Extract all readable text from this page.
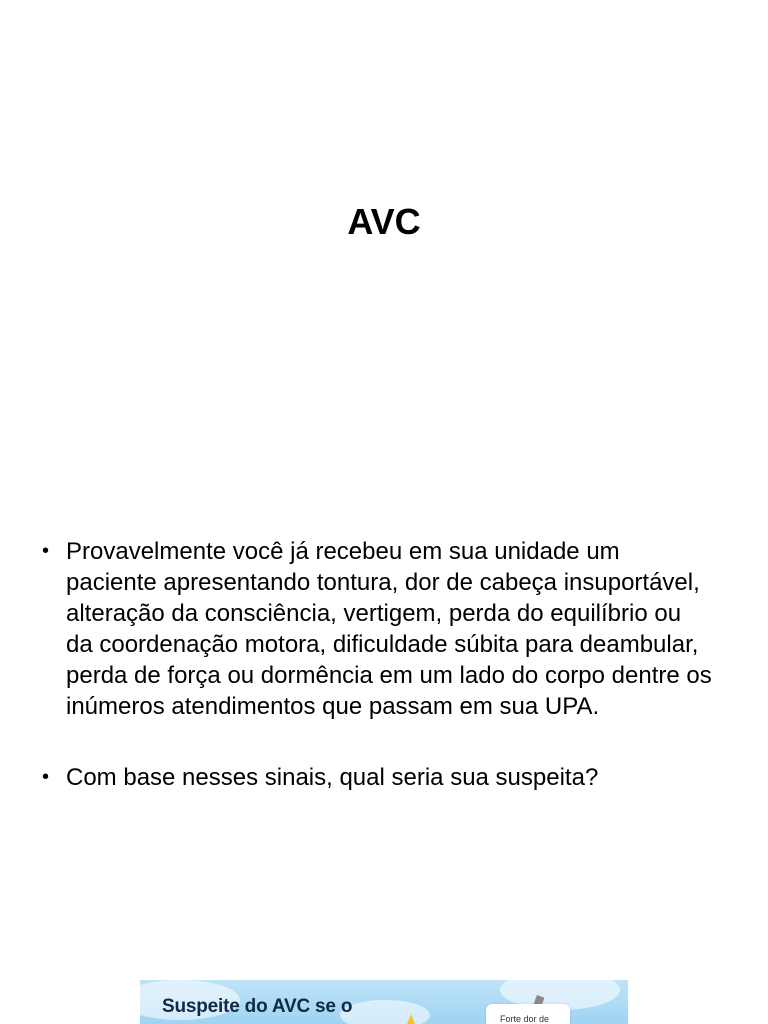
AVC
• Provavelmente você já recebeu em sua unidade um paciente apresentando tontura, dor de cabeça insuportável, alteração da consciência, vertigem, perda do equilíbrio ou da coordenação motora, dificuldade súbita para deambular, perda de força ou dormência em um lado do corpo dentre os inúmeros atendimentos que passam em sua UPA.
• Com base nesses sinais, qual seria sua suspeita?
Suspeite do AVC se o
Forte dor de
